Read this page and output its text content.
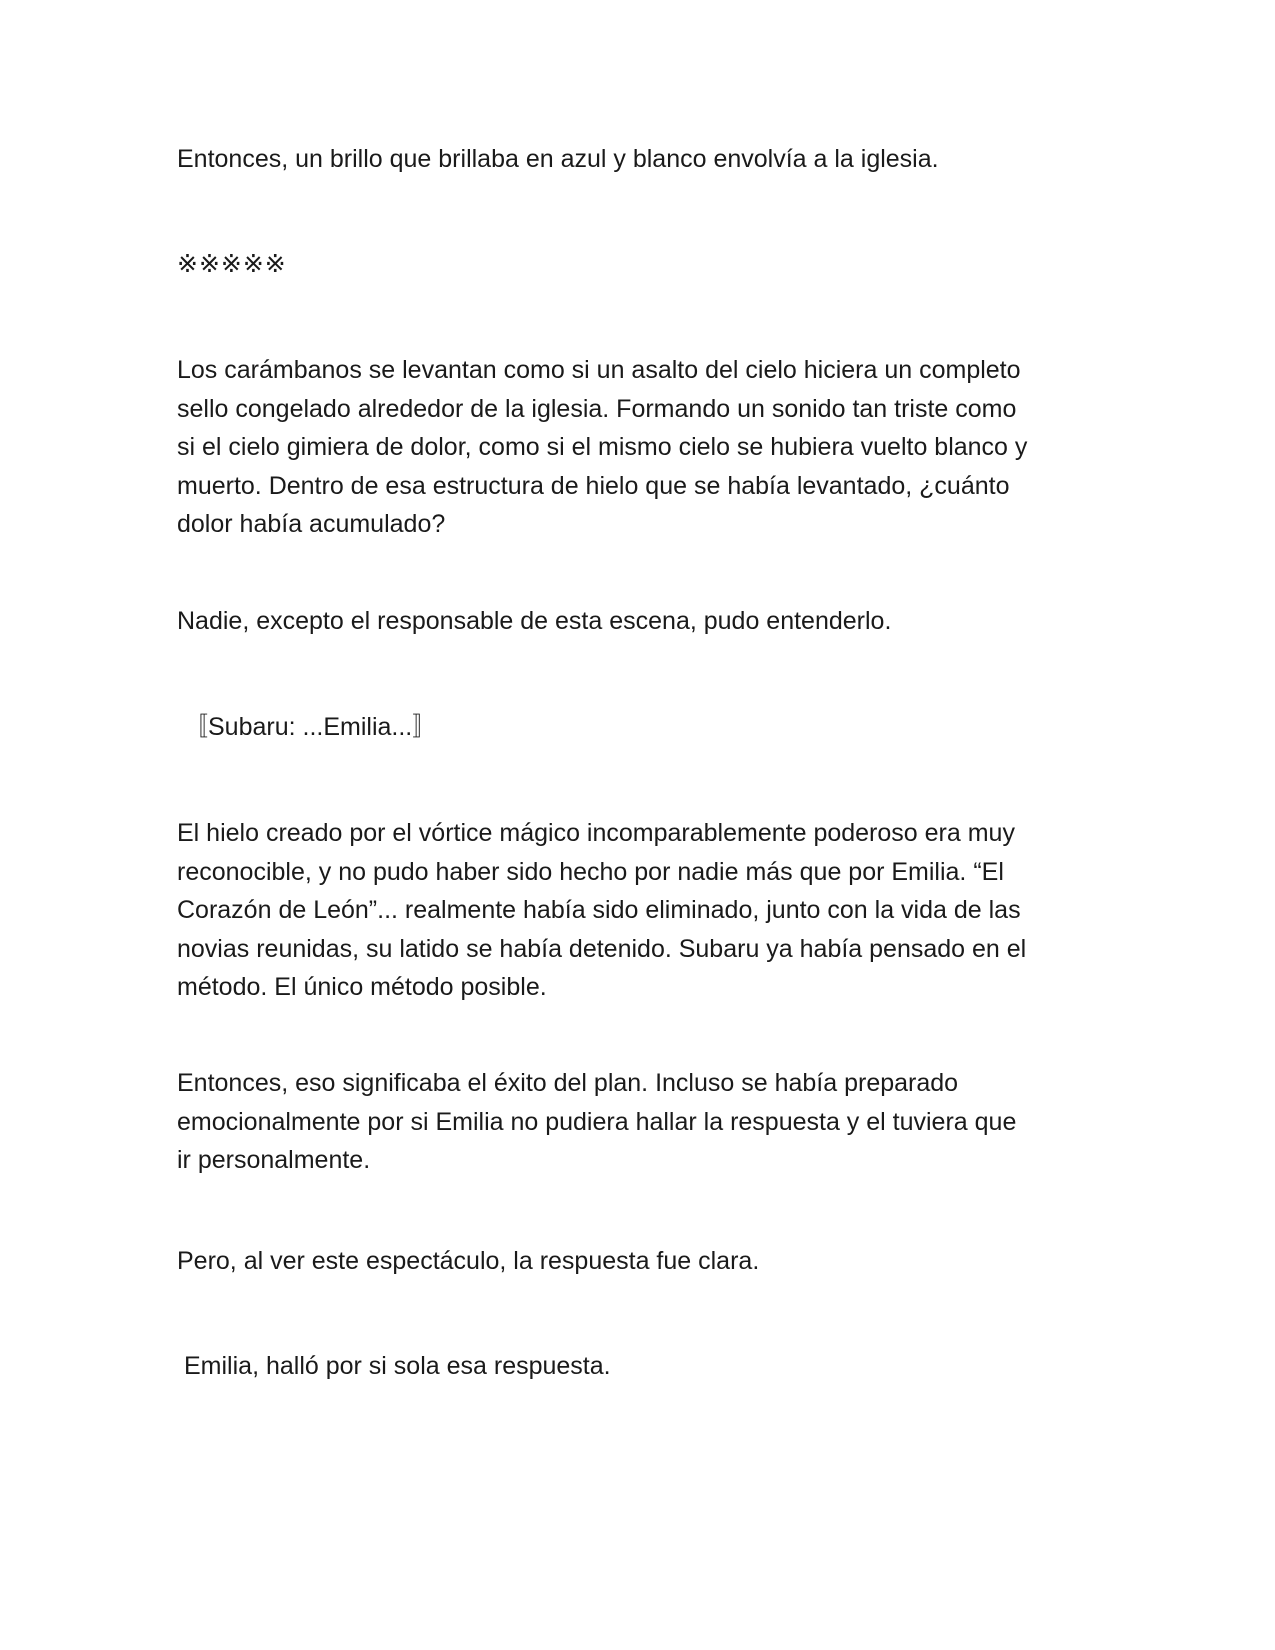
Entonces, un brillo que brillaba en azul y blanco envolvía a la iglesia.

※※※※※

Los carámbanos se levantan como si un asalto del cielo hiciera un completo
sello congelado alrededor de la iglesia. Formando un sonido tan triste como
si el cielo gimiera de dolor, como si el mismo cielo se hubiera vuelto blanco y
muerto. Dentro de esa estructura de hielo que se había levantado, ¿cuánto
dolor había acumulado?

Nadie, excepto el responsable de esta escena, pudo entenderlo.

〚Subaru: ...Emilia...〛

El hielo creado por el vórtice mágico incomparablemente poderoso era muy
reconocible, y no pudo haber sido hecho por nadie más que por Emilia. “El
Corazón de León”... realmente había sido eliminado, junto con la vida de las
novias reunidas, su latido se había detenido. Subaru ya había pensado en el
método. El único método posible.

Entonces, eso significaba el éxito del plan. Incluso se había preparado
emocionalmente por si Emilia no pudiera hallar la respuesta y el tuviera que
ir personalmente.

Pero, al ver este espectáculo, la respuesta fue clara.

Emilia, halló por si sola esa respuesta.
